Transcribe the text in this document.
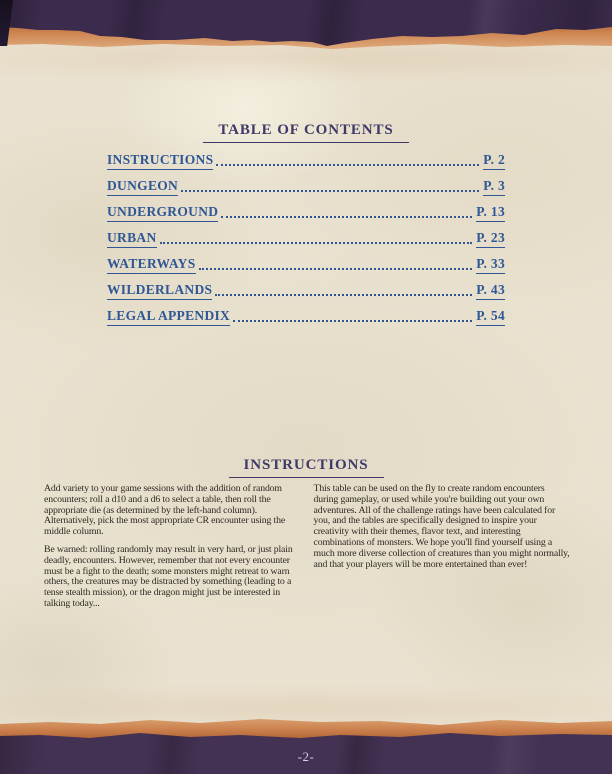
TABLE OF CONTENTS
INSTRUCTIONS	P. 2
DUNGEON	P. 3
UNDERGROUND	P. 13
URBAN	P. 23
WATERWAYS	P. 33
WILDERLANDS	P. 43
LEGAL APPENDIX	P. 54
INSTRUCTIONS

Add variety to your game sessions with the addition of random encounters; roll a d10 and a d6 to select a table, then roll the appropriate die (as determined by the left-hand column). Alternatively, pick the most appropriate CR encounter using the middle column.

Be warned: rolling randomly may result in very hard, or just plain deadly, encounters. However, remember that not every encounter must be a fight to the death; some monsters might retreat to warn others, the creatures may be distracted by something (leading to a tense stealth mission), or the dragon might just be interested in talking today...

This table can be used on the fly to create random encounters during gameplay, or used while you're building out your own adventures. All of the challenge ratings have been calculated for you, and the tables are specifically designed to inspire your creativity with their themes, flavor text, and interesting combinations of monsters. We hope you'll find yourself using a much more diverse collection of creatures than you might normally, and that your players will be more entertained than ever!

-2-
